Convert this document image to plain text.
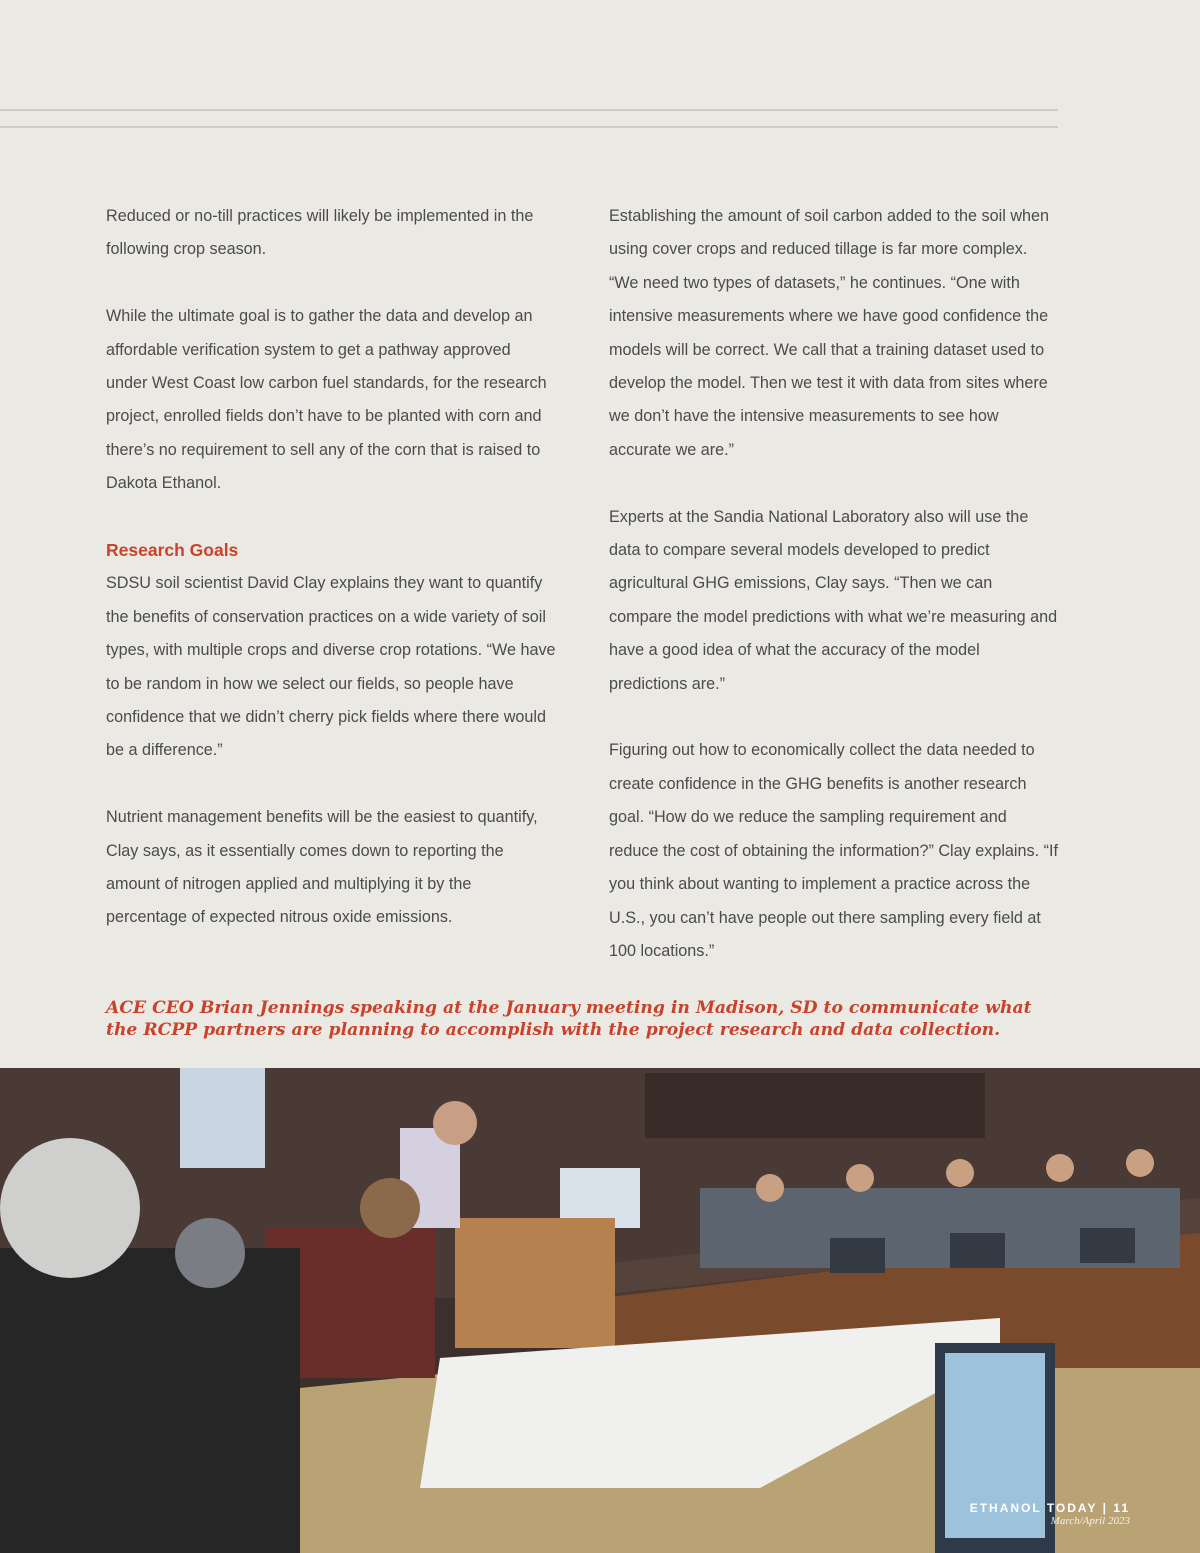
Reduced or no-till practices will likely be implemented in the following crop season.

While the ultimate goal is to gather the data and develop an affordable verification system to get a pathway approved under West Coast low carbon fuel standards, for the research project, enrolled fields don’t have to be planted with corn and there’s no requirement to sell any of the corn that is raised to Dakota Ethanol.

Research Goals

SDSU soil scientist David Clay explains they want to quantify the benefits of conservation practices on a wide variety of soil types, with multiple crops and diverse crop rotations. “We have to be random in how we select our fields, so people have confidence that we didn’t cherry pick fields where there would be a difference.”

Nutrient management benefits will be the easiest to quantify, Clay says, as it essentially comes down to reporting the amount of nitrogen applied and multiplying it by the percentage of expected nitrous oxide emissions.

Establishing the amount of soil carbon added to the soil when using cover crops and reduced tillage is far more complex. “We need two types of datasets,” he continues. “One with intensive measurements where we have good confidence the models will be correct. We call that a training dataset used to develop the model. Then we test it with data from sites where we don’t have the intensive measurements to see how accurate we are.”

Experts at the Sandia National Laboratory also will use the data to compare several models developed to predict agricultural GHG emissions, Clay says. “Then we can compare the model predictions with what we’re measuring and have a good idea of what the accuracy of the model predictions are.”

Figuring out how to economically collect the data needed to create confidence in the GHG benefits is another research goal. “How do we reduce the sampling requirement and reduce the cost of obtaining the information?” Clay explains. “If you think about wanting to implement a practice across the U.S., you can’t have people out there sampling every field at 100 locations.”

ACE CEO Brian Jennings speaking at the January meeting in Madison, SD to communicate what the RCPP partners are planning to accomplish with the project research and data collection.
ETHANOL TODAY | 11
March/April 2023
